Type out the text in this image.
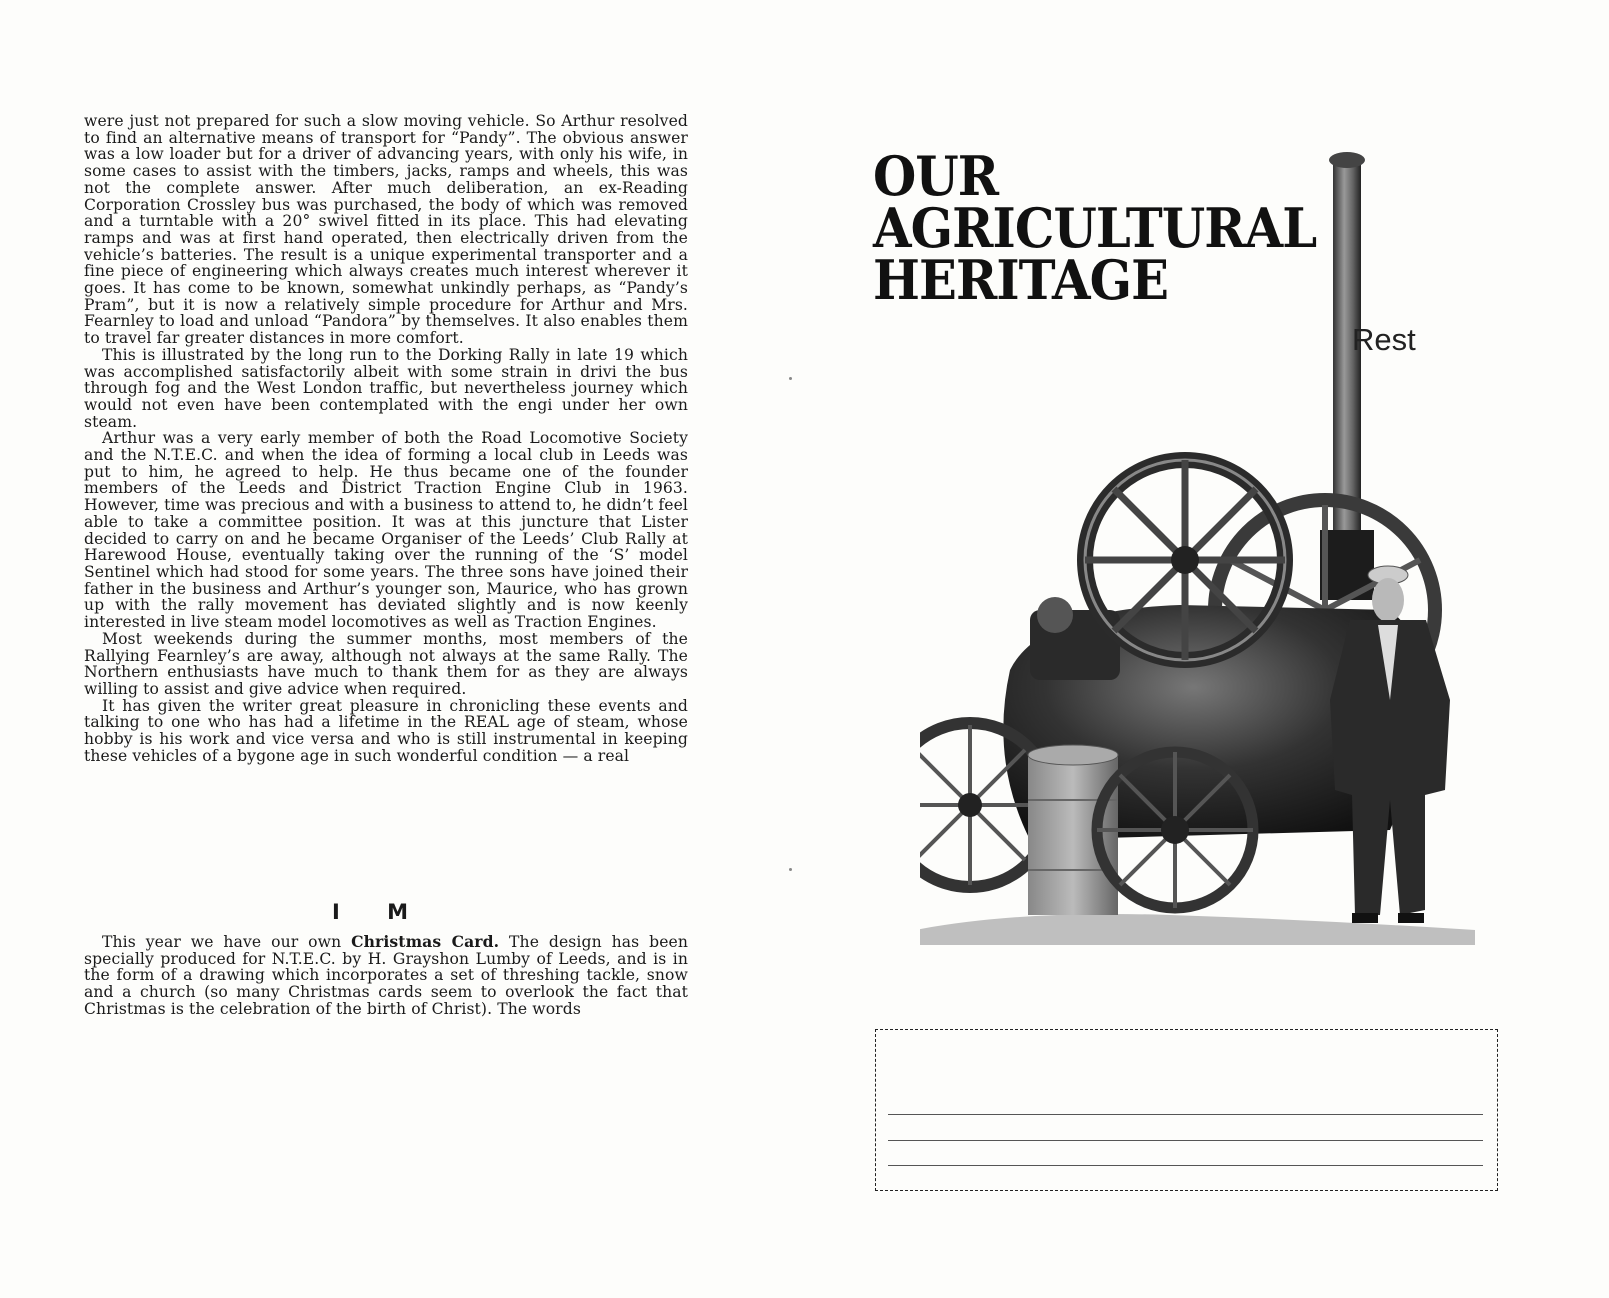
were just not prepared for such a slow moving vehicle. So Arthur resolved to find an alternative means of transport for “Pandy”. The obvious answer was a low loader but for a driver of advancing years, with only his wife, in some cases to assist with the timbers, jacks, ramps and wheels, this was not the complete answer. After much deliberation, an ex-Reading Corporation Crossley bus was purchased, the body of which was removed and a turntable with a 20° swivel fitted in its place. This had elevating ramps and was at first hand operated, then electrically driven from the vehicle’s batteries. The result is a unique experimental transporter and a fine piece of engineering which always creates much interest wherever it goes. It has come to be known, somewhat unkindly perhaps, as “Pandy’s Pram”, but it is now a relatively simple procedure for Arthur and Mrs. Fearnley to load and unload “Pandora” by themselves. It also enables them to travel far greater distances in more comfort.

This is illustrated by the long run to the Dorking Rally in late 19 which was accomplished satisfactorily albeit with some strain in drivi the bus through fog and the West London traffic, but nevertheless journey which would not even have been contemplated with the engi under her own steam.

Arthur was a very early member of both the Road Locomotive Society and the N.T.E.C. and when the idea of forming a local club in Leeds was put to him, he agreed to help. He thus became one of the founder members of the Leeds and District Traction Engine Club in 1963. However, time was precious and with a business to attend to, he didn’t feel able to take a committee position. It was at this juncture that Lister decided to carry on and he became Organiser of the Leeds’ Club Rally at Harewood House, eventually taking over the running of the ‘S’ model Sentinel which had stood for some years. The three sons have joined their father in the business and Arthur’s younger son, Maurice, who has grown up with the rally movement has deviated slightly and is now keenly interested in live steam model locomotives as well as Traction Engines.

Most weekends during the summer months, most members of the Rallying Fearnley’s are away, although not always at the same Rally. The Northern enthusiasts have much to thank them for as they are always willing to assist and give advice when required.

It has given the writer great pleasure in chronicling these events and talking to one who has had a lifetime in the REAL age of steam, whose hobby is his work and vice versa and who is still instrumental in keeping these vehicles of a bygone age in such wonderful condition — a real

I M

This year we have our own Christmas Card. The design has been specially produced for N.T.E.C. by H. Grayshon Lumby of Leeds, and is in the form of a drawing which incorporates a set of threshing tackle, snow and a church (so many Christmas cards seem to overlook the fact that Christmas is the celebration of the birth of Christ). The words

OUR
AGRICULTURAL
HERITAGE
Rest
